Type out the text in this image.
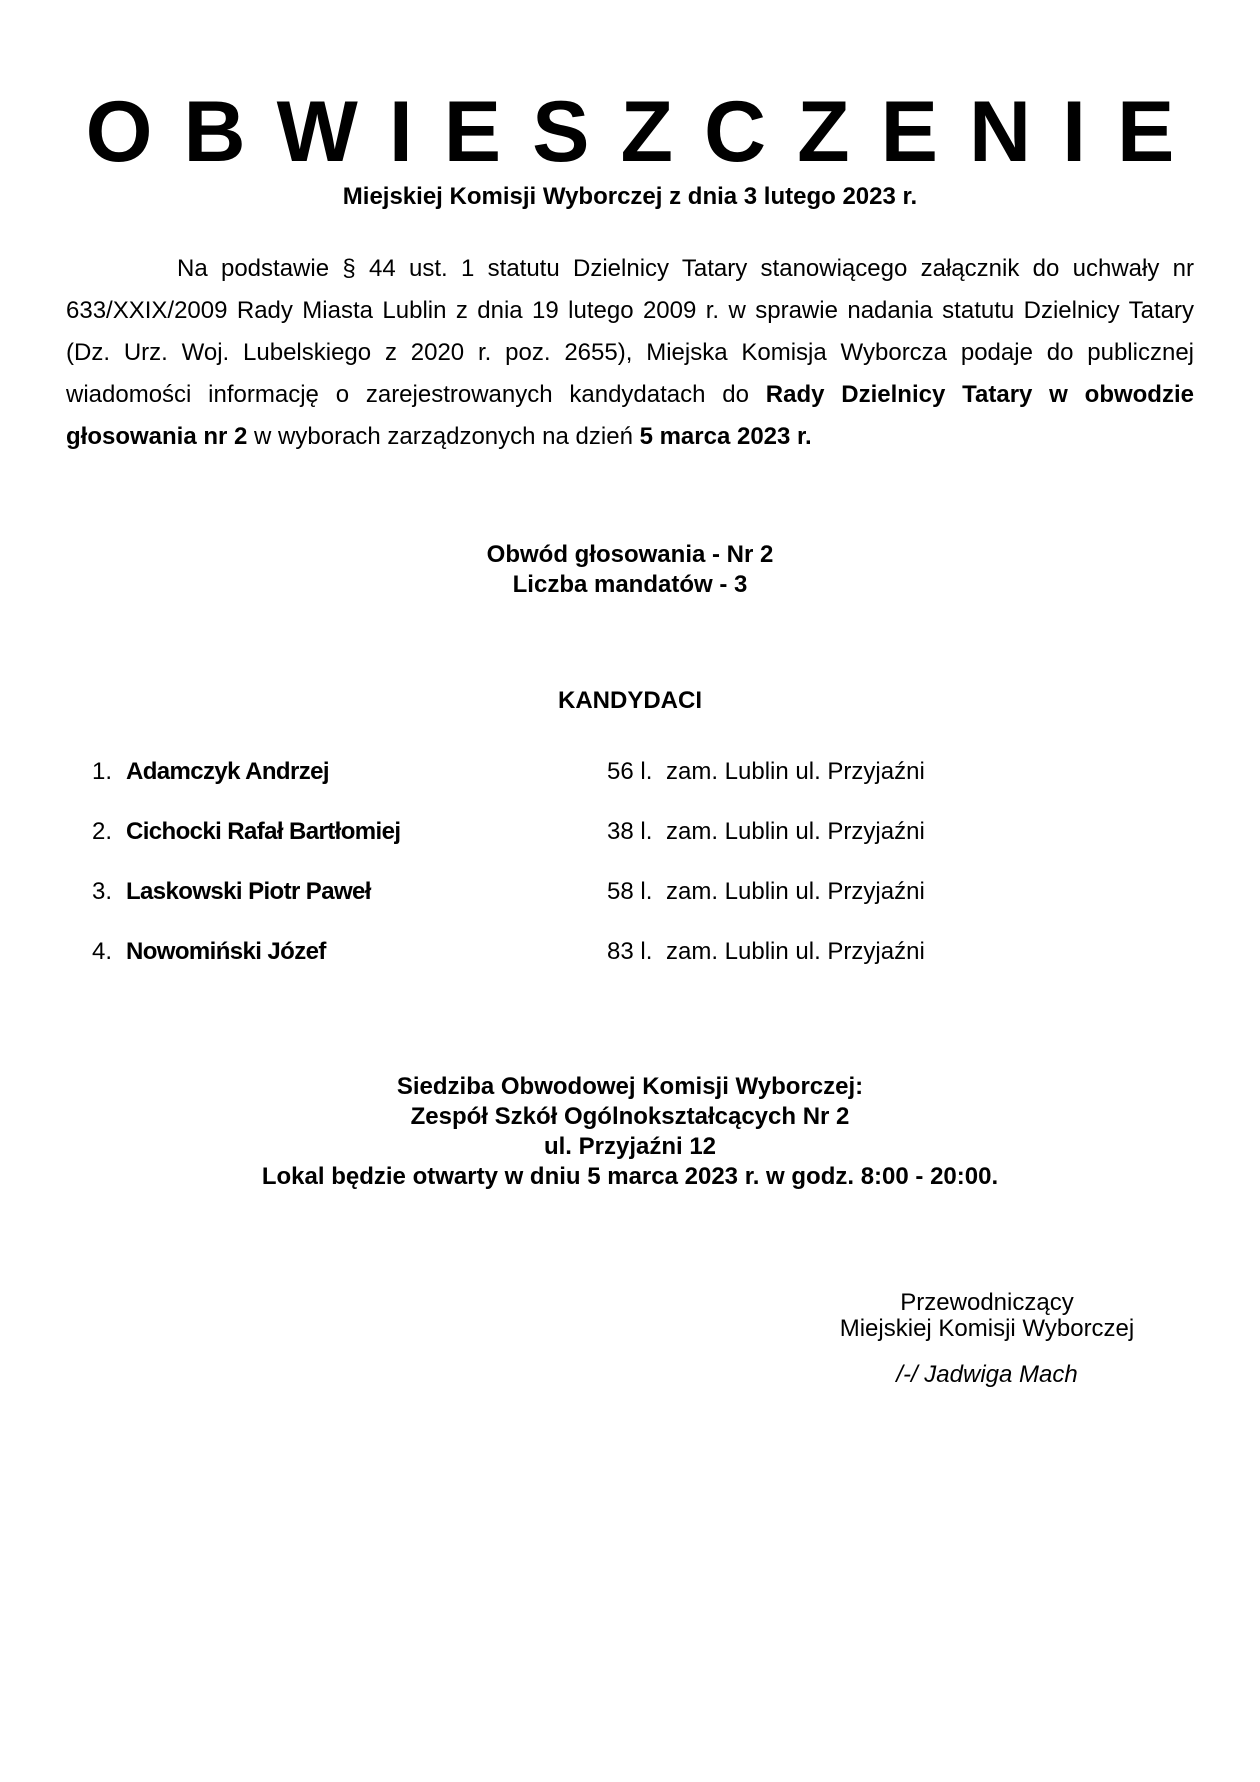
OBWIESZCZENIE
Miejskiej Komisji Wyborczej z dnia 3 lutego 2023 r.
Na podstawie § 44 ust. 1 statutu Dzielnicy Tatary stanowiącego załącznik do uchwały nr 633/XXIX/2009 Rady Miasta Lublin z dnia 19 lutego 2009 r. w sprawie nadania statutu Dzielnicy Tatary (Dz. Urz. Woj. Lubelskiego z 2020 r. poz. 2655), Miejska Komisja Wyborcza podaje do publicznej wiadomości informację o zarejestrowanych kandydatach do Rady Dzielnicy Tatary w obwodzie głosowania nr 2 w wyborach zarządzonych na dzień 5 marca 2023 r.
Obwód głosowania - Nr 2
Liczba mandatów - 3
KANDYDACI
1. Adamczyk Andrzej	56 l. zam. Lublin ul. Przyjaźni
2. Cichocki Rafał Bartłomiej	38 l. zam. Lublin ul. Przyjaźni
3. Laskowski Piotr Paweł	58 l. zam. Lublin ul. Przyjaźni
4. Nowomiński Józef	83 l. zam. Lublin ul. Przyjaźni
Siedziba Obwodowej Komisji Wyborczej:
Zespół Szkół Ogólnokształcących Nr 2
ul. Przyjaźni 12
Lokal będzie otwarty w dniu 5 marca 2023 r. w godz. 8:00 - 20:00.
Przewodniczący
Miejskiej Komisji Wyborczej
/-/ Jadwiga Mach
